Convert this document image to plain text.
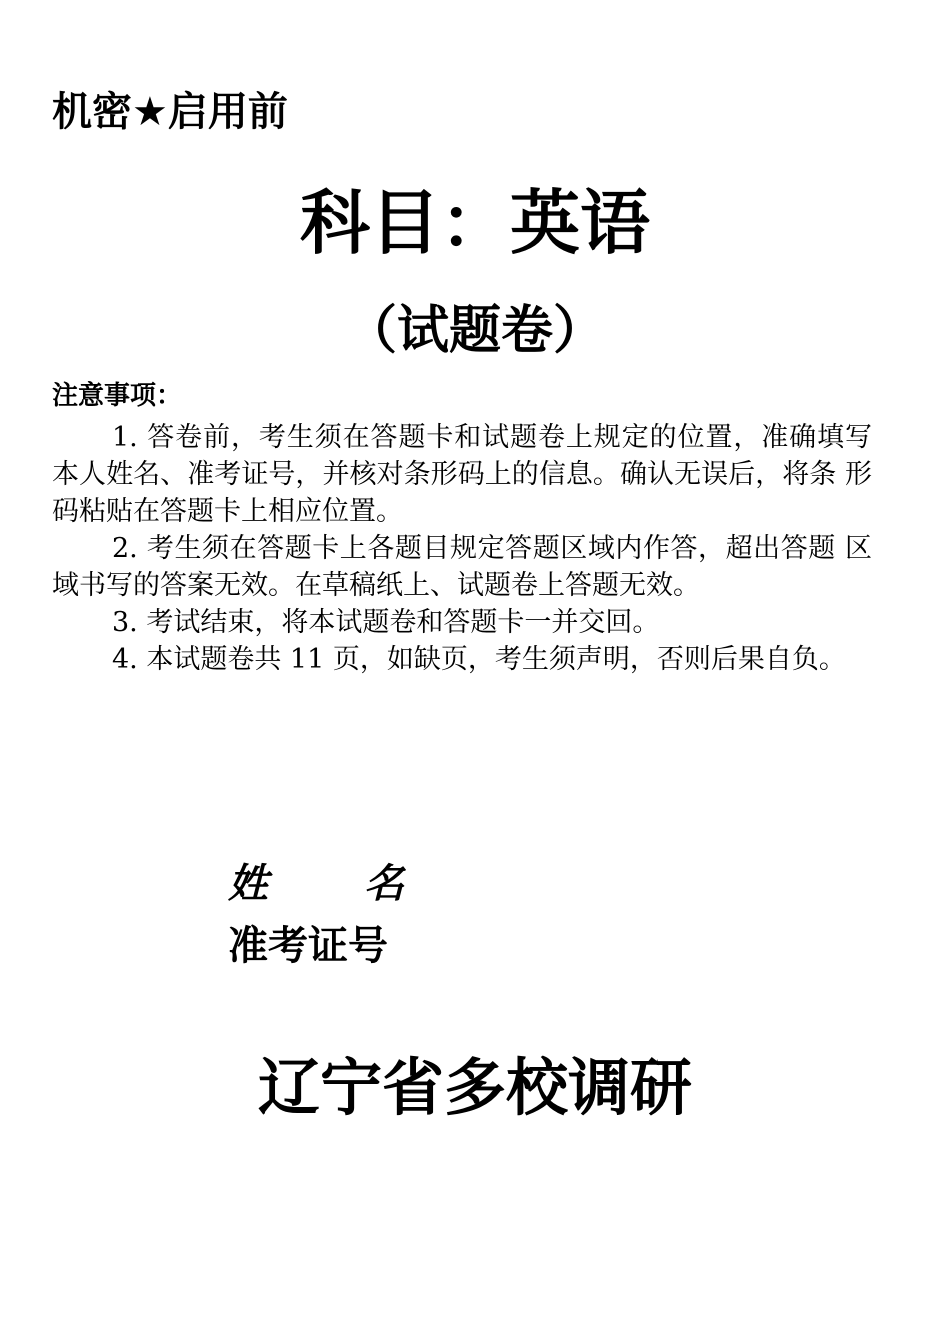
机密★启用前
科目：英语
（试题卷）
注意事项：

1. 答卷前，考生须在答题卡和试题卷上规定的位置，准确填写 本人姓名、准考证号，并核对条形码上的信息。确认无误后，将条 形码粘贴在答题卡上相应位置。

2. 考生须在答题卡上各题目规定答题区域内作答，超出答题 区域书写的答案无效。在草稿纸上、试题卷上答题无效。

3. 考试结束，将本试题卷和答题卡一并交回。

4. 本试题卷共 11 页，如缺页，考生须声明，否则后果自负。

姓 名
准考证号
辽宁省多校调研
